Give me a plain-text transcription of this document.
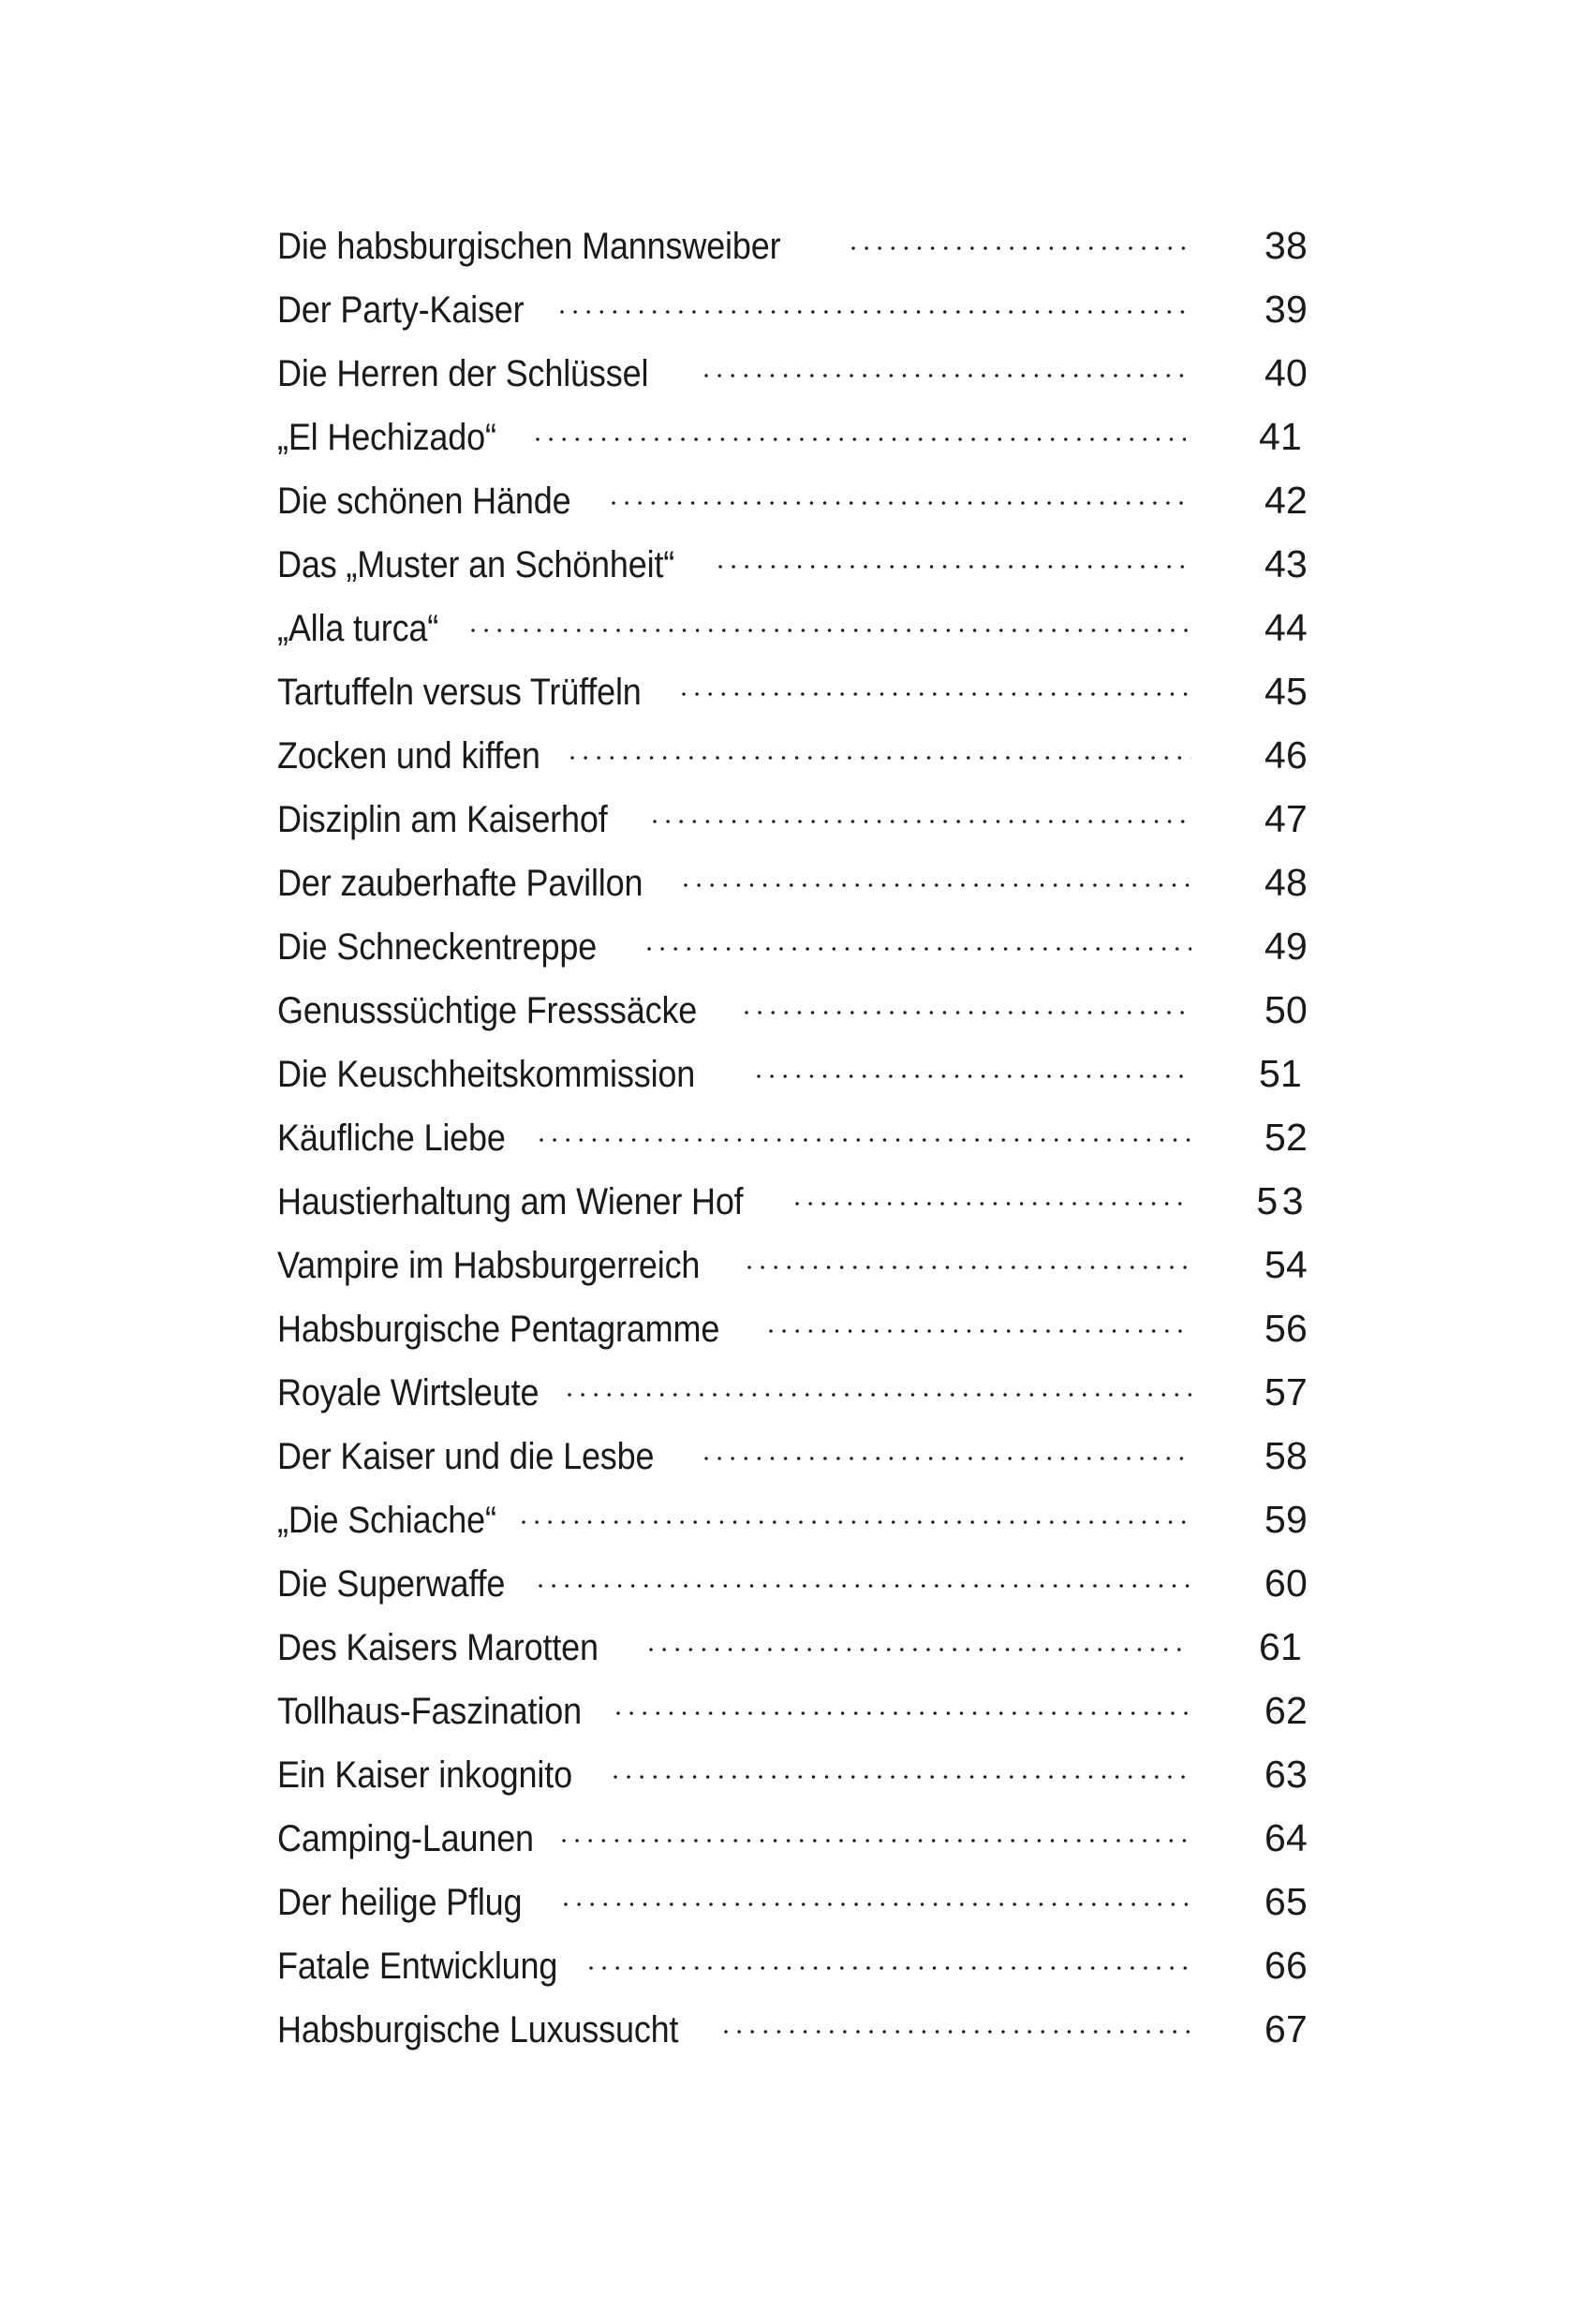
Die habsburgischen Mannsweiber	38
Der Party-Kaiser	39
Die Herren der Schlüssel	40
„El Hechizado“	41
Die schönen Hände	42
Das „Muster an Schönheit“	43
„Alla turca“	44
Tartuffeln versus Trüffeln	45
Zocken und kiffen	46
Disziplin am Kaiserhof	47
Der zauberhafte Pavillon	48
Die Schneckentreppe	49
Genusssüchtige Fresssäcke	50
Die Keuschheitskommission	51
Käufliche Liebe	52
Haustierhaltung am Wiener Hof	53
Vampire im Habsburgerreich	54
Habsburgische Pentagramme	56
Royale Wirtsleute	57
Der Kaiser und die Lesbe	58
„Die Schiache“	59
Die Superwaffe	60
Des Kaisers Marotten	61
Tollhaus-Faszination	62
Ein Kaiser inkognito	63
Camping-Launen	64
Der heilige Pflug	65
Fatale Entwicklung	66
Habsburgische Luxussucht	67
